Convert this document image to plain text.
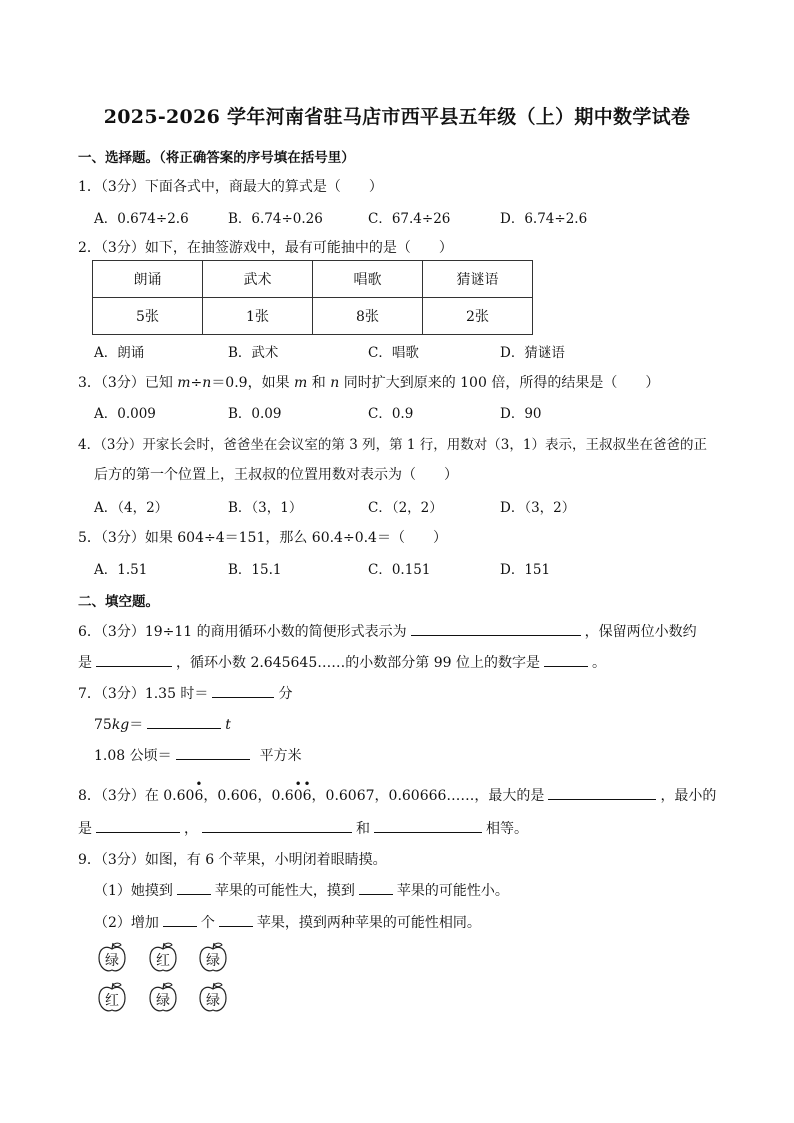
2025-2026 学年河南省驻马店市西平县五年级（上）期中数学试卷
一、选择题。（将正确答案的序号填在括号里）
1．（3分）下面各式中，商最大的算式是（　　）
A．0.674÷2.6	B．6.74÷0.26	C．67.4÷26	D．6.74÷2.6
2．（3分）如下，在抽签游戏中，最有可能抽中的是（　　）
朗诵	武术	唱歌	猜谜语
5张	1张	8张	2张
A．朗诵	B．武术	C．唱歌	D．猜谜语
3．（3分）已知 m÷n＝0.9，如果 m 和 n 同时扩大到原来的 100 倍，所得的结果是（　　）
A．0.009	B．0.09	C．0.9	D．90
4．（3分）开家长会时，爸爸坐在会议室的第 3 列，第 1 行，用数对（3，1）表示，王叔叔坐在爸爸的正
后方的第一个位置上，王叔叔的位置用数对表示为（　　）
A．（4，2）	B．（3，1）	C．（2，2）	D．（3，2）
5．（3分）如果 604÷4＝151，那么 60.4÷0.4＝（　　）
A．1.51	B．15.1	C．0.151	D．151
二、填空题。
6．（3分）19÷11 的商用循环小数的简便形式表示为	，保留两位小数约
是	，循环小数 2.645645……的小数部分第 99 位上的数字是	。
7．（3分）1.35 时＝	分
75kg＝	t
1.08 公顷＝	平方米
8．（3分）在 0.60
•
6，0.606，0.6
•
0
•
6，0.6067，0.60666……，最大的是	，最小的
是	，	和	相等。
9．（3分）如图，有 6 个苹果，小明闭着眼睛摸。
（1）她摸到	苹果的可能性大，摸到	苹果的可能性小。
（2）增加	个	苹果，摸到两种苹果的可能性相同。
绿	红	绿
红	绿	绿
